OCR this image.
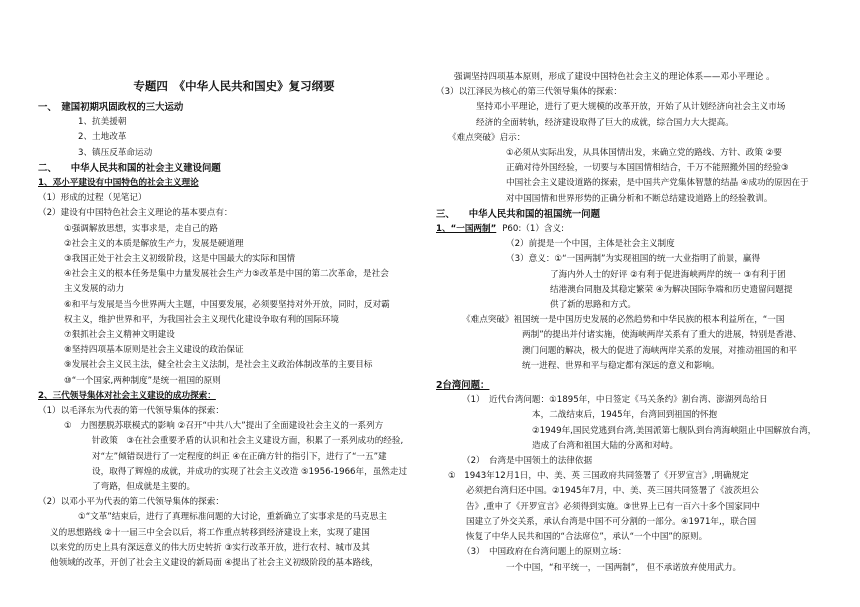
专题四　《中华人民共和国史》复习纲要
一、　建国初期巩固政权的三大运动
1、抗美援朝
2、土地改革
3、镇压反革命运动
二、　　中华人民共和国的社会主义建设问题
1、邓小平建设有中国特色的社会主义理论
（1）形成的过程（见笔记）
（2）建设有中国特色社会主义理论的基本要点有：
①强调解放思想，实事求是，走自己的路
②社会主义的本质是解放生产力，发展是硬道理
③我国正处于社会主义初级阶段，这是中国最大的实际和国情
④社会主义的根本任务是集中力量发展社会生产力⑤改革是中国的第二次革命，是社会
主义发展的动力
⑥和平与发展是当今世界两大主题，中国要发展，必须要坚持对外开放，同时，反对霸
权主义，维护世界和平，为我国社会主义现代化建设争取有利的国际环境
⑦狠抓社会主义精神文明建设
⑧坚持四项基本原则是社会主义建设的政治保证
⑨发展社会主义民主法，健全社会主义法制，是社会主义政治体制改革的主要目标
⑩“一个国家,两种制度”是统一祖国的原则
2、三代领导集体对社会主义建设的成功探索：
（1）以毛泽东为代表的第一代领导集体的探索：
①　力图摆脱苏联模式的影响 ②召开“中共八大”提出了全面建设社会主义的一系列方
针政策　③在社会重要矛盾的认识和社会主义建设方面，积累了一系列成功的经验,
对“左”倾错误进行了一定程度的纠正 ④在正确方针的指引下，进行了“一五”建
设，取得了辉煌的成就，并成功的实现了社会主义改造 ⑤1956-1966年，虽然走过
了弯路，但成就是主要的。
（2）以邓小平为代表的第二代领导集体的探索：
①“文革”结束后，进行了真理标准问题的大讨论，重新确立了实事求是的马克思主
义的思想路线 ②十一届三中全会以后，将工作重点转移到经济建设上来，实现了建国
以来党的历史上具有深远意义的伟大历史转折 ③实行改革开放，进行农村、城市及其
他领域的改革，开创了社会主义建设的新局面 ④提出了社会主义初级阶段的基本路线，
强调坚持四项基本原则，形成了建设中国特色社会主义的理论体系——邓小平理论 。
（3）以江泽民为核心的第三代领导集体的探索：
坚持邓小平理论，进行了更大规模的改革开放，开始了从计划经济向社会主义市场
经济的全面转轨，经济建设取得了巨大的成就，综合国力大大提高。
《难点突破》启示：
①必须从实际出发，从具体国情出发，来确立党的路线、方针、政策 ②要
正确对待外国经验，一切要与本国国情相结合，千万不能照搬外国的经验③
中国社会主义建设道路的探索，是中国共产党集体智慧的结晶 ④成功的原因在于
对中国国情和世界形势的正确分析和不断总结建设道路上的经验教训。
三、　　中华人民共和国的祖国统一问题
1、“一国两制” P60:（1）含义:
（2）前提是一个中国，主体是社会主义制度
（3）意义：①“一国两制”为实现祖国的统一大业指明了前景，赢得
了海内外人士的好评 ②有利于促进海峡两岸的统一 ③有利于团
结港澳台同胞及其稳定繁荣 ④为解决国际争端和历史遗留问题提
供了新的思路和方式。
《难点突破》祖国统一是中国历史发展的必然趋势和中华民族的根本利益所在，“一国
两制”的提出并付诸实施，使海峡两岸关系有了重大的进展，特别是香港、
澳门问题的解决，极大的促进了海峡两岸关系的发展，对推动祖国的和平
统一进程、世界和平与稳定都有深远的意义和影响。
2台湾问题：
（1）　近代台湾问题：①1895年，中日签定《马关条约》割台湾、澎湖列岛给日
本，二战结束后，1945年，台湾回到祖国的怀抱
②1949年,国民党逃到台湾,美国派第七舰队到台湾海峡阻止中国解放台湾，
造成了台湾和祖国大陆的分离和对峙。
（2）　台湾是中国领土的法律依据
①　1943年12月1日，中、美、英 三国政府共同签署了《开罗宣言》,明确规定
必须把台湾归还中国。②1945年7月，中、美、英三国共同签署了《波茨坦公
告》,重申了《开罗宣言》必须得到实施。③世界上已有一百六十多个国家同中
国建立了外交关系，承认台湾是中国不可分割的一部分。④1971年,，联合国
恢复了中华人民共和国的“合法席位”，承认“一个中国”的原则。
（3）　中国政府在台湾问题上的原则立场：
一个中国，“和平统一，一国两制”， 但不承诺放弃使用武力。
